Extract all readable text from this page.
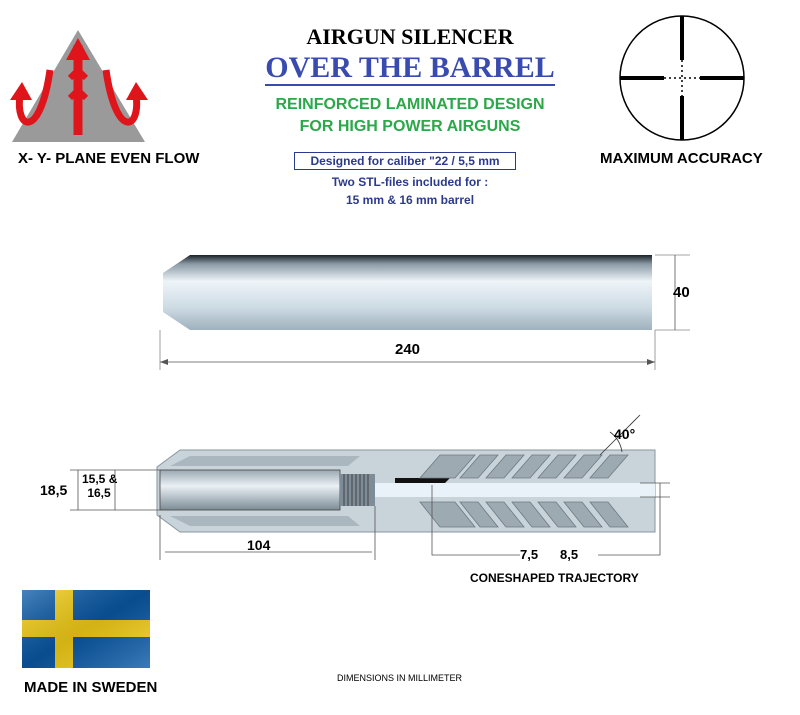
X- Y- PLANE EVEN FLOW	MAXIMUM ACCURACY
AIRGUN SILENCER
OVER THE BARREL
REINFORCED LAMINATED DESIGN
FOR HIGH POWER AIRGUNS
Designed for caliber "22 / 5,5 mm
Two STL-files included for :
15 mm & 16 mm barrel
240
40
18,5
15,5 &
16,5
104
40°
7,5 8,5
CONESHAPED TRAJECTORY
MADE IN SWEDEN
DIMENSIONS IN MILLIMETER
